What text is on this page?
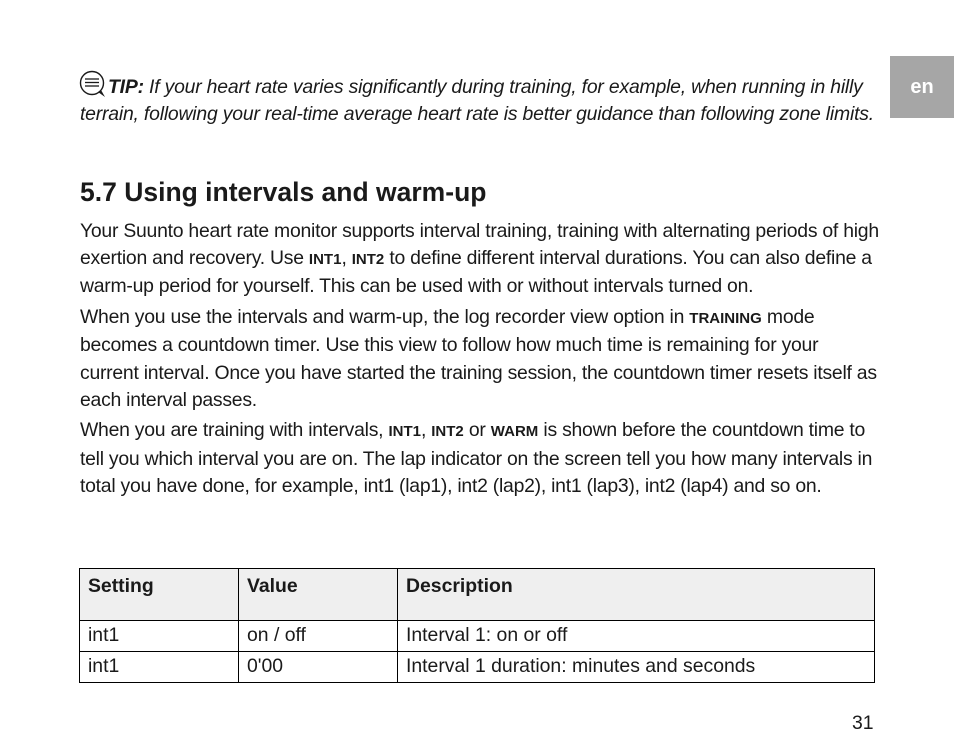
en
TIP: If your heart rate varies significantly during training, for example, when running in hilly terrain, following your real-time average heart rate is better guidance than following zone limits.
5.7 Using intervals and warm-up

Your Suunto heart rate monitor supports interval training, training with alternating periods of high exertion and recovery. Use INT1, INT2 to define different interval durations. You can also define a warm-up period for yourself. This can be used with or without intervals turned on.

When you use the intervals and warm-up, the log recorder view option in TRAINING mode becomes a countdown timer. Use this view to follow how much time is remaining for your current interval. Once you have started the training session, the countdown timer resets itself as each interval passes.

When you are training with intervals, INT1, INT2 or WARM is shown before the countdown time to tell you which interval you are on. The lap indicator on the screen tell you how many intervals in total you have done, for example, int1 (lap1), int2 (lap2), int1 (lap3), int2 (lap4) and so on.

Setting	Value	Description
int1	on / off	Interval 1: on or off
int1	0'00	Interval 1 duration: minutes and seconds
31
